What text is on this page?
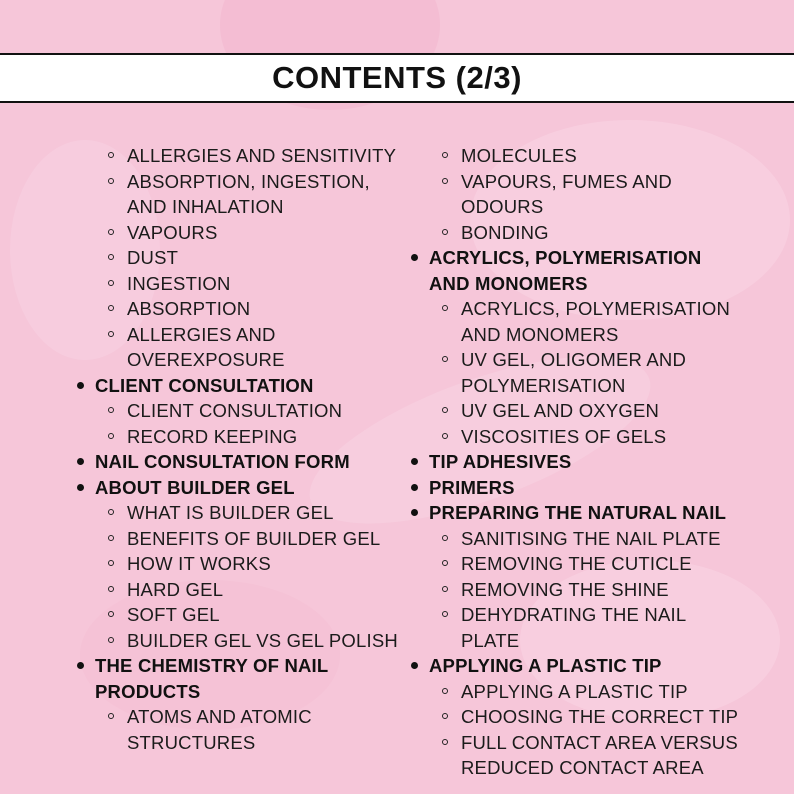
CONTENTS (2/3)
ALLERGIES AND SENSITIVITY
ABSORPTION, INGESTION,
AND INHALATION
VAPOURS
DUST
INGESTION
ABSORPTION
ALLERGIES AND
OVEREXPOSURE
CLIENT CONSULTATION
CLIENT CONSULTATION
RECORD KEEPING
NAIL CONSULTATION FORM
ABOUT BUILDER GEL
WHAT IS BUILDER GEL
BENEFITS OF BUILDER GEL
HOW IT WORKS
HARD GEL
SOFT GEL
BUILDER GEL VS GEL POLISH
THE CHEMISTRY OF NAIL
PRODUCTS
ATOMS AND ATOMIC
STRUCTURES
MOLECULES
VAPOURS, FUMES AND
ODOURS
BONDING
ACRYLICS, POLYMERISATION
AND MONOMERS
ACRYLICS, POLYMERISATION
AND MONOMERS
UV GEL, OLIGOMER AND
POLYMERISATION
UV GEL AND OXYGEN
VISCOSITIES OF GELS
TIP ADHESIVES
PRIMERS
PREPARING THE NATURAL NAIL
SANITISING THE NAIL PLATE
REMOVING THE CUTICLE
REMOVING THE SHINE
DEHYDRATING THE NAIL
PLATE
APPLYING A PLASTIC TIP
APPLYING A PLASTIC TIP
CHOOSING THE CORRECT TIP
FULL CONTACT AREA VERSUS
REDUCED CONTACT AREA
